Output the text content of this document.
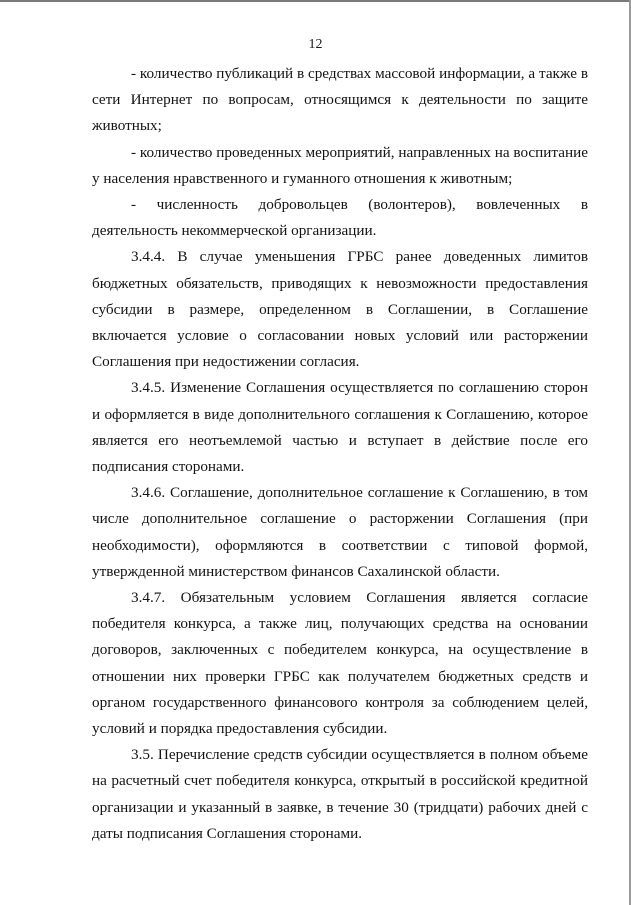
12

- количество публикаций в средствах массовой информации, а также в сети Интернет по вопросам, относящимся к деятельности по защите животных;

- количество проведенных мероприятий, направленных на воспитание у населения нравственного и гуманного отношения к животным;

- численность добровольцев (волонтеров), вовлеченных в деятельность некоммерческой организации.

3.4.4. В случае уменьшения ГРБС ранее доведенных лимитов бюджетных обязательств, приводящих к невозможности предоставления субсидии в размере, определенном в Соглашении, в Соглашение включается условие о согласовании новых условий или расторжении Соглашения при недостижении согласия.

3.4.5. Изменение Соглашения осуществляется по соглашению сторон и оформляется в виде дополнительного соглашения к Соглашению, которое является его неотъемлемой частью и вступает в действие после его подписания сторонами.

3.4.6. Соглашение, дополнительное соглашение к Соглашению, в том числе дополнительное соглашение о расторжении Соглашения (при необходимости), оформляются в соответствии с типовой формой, утвержденной министерством финансов Сахалинской области.

3.4.7. Обязательным условием Соглашения является согласие победителя конкурса, а также лиц, получающих средства на основании договоров, заключенных с победителем конкурса, на осуществление в отношении них проверки ГРБС как получателем бюджетных средств и органом государственного финансового контроля за соблюдением целей, условий и порядка предоставления субсидии.

3.5. Перечисление средств субсидии осуществляется в полном объеме на расчетный счет победителя конкурса, открытый в российской кредитной организации и указанный в заявке, в течение 30 (тридцати) рабочих дней с даты подписания Соглашения сторонами.
